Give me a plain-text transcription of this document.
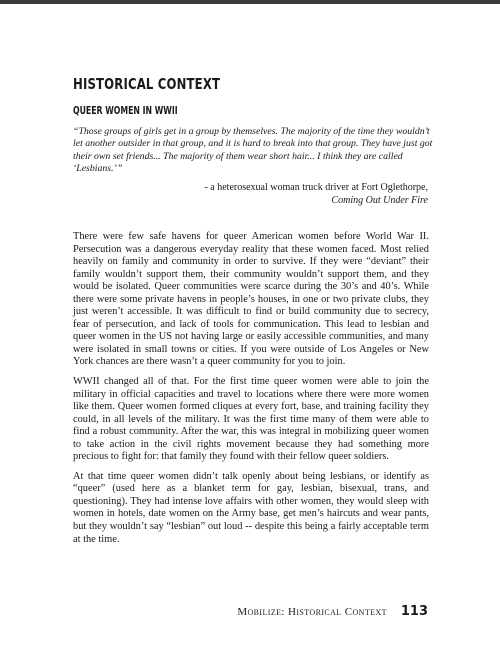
HISTORICAL CONTEXT
QUEER WOMEN IN WWII
“Those groups of girls get in a group by themselves. The majority of the time they wouldn’t let another outsider in that group, and it is hard to break into that group. They have just got their own set friends... The majority of them wear short hair... I think they are called ‘Lesbians.’”
- a heterosexual woman truck driver at Fort Oglethorpe,
Coming Out Under Fire

There were few safe havens for queer American women before World War II. Persecution was a dangerous everyday reality that these women faced. Most relied heavily on family and community in order to survive. If they were “deviant” their family wouldn’t support them, their community wouldn’t support them, and they would be isolated. Queer communities were scarce during the 30’s and 40’s. While there were some private havens in people’s houses, in one or two private clubs, they just weren’t accessible. It was difficult to find or build community due to secrecy, fear of persecution, and lack of tools for communication. This lead to lesbian and queer women in the US not having large or easily accessible communities, and many were isolated in small towns or cities. If you were outside of Los Angeles or New York chances are there wasn’t a queer community for you to join.

WWII changed all of that. For the first time queer women were able to join the military in official capacities and travel to locations where there were more women like them. Queer women formed cliques at every fort, base, and training facility they could, in all levels of the military. It was the first time many of them were able to find a robust community. After the war, this was integral in mobilizing queer women to take action in the civil rights movement because they had something more precious to fight for: that family they found with their fellow queer soldiers.

At that time queer women didn’t talk openly about being lesbians, or identify as “queer” (used here as a blanket term for gay, lesbian, bisexual, trans, and questioning). They had intense love affairs with other women, they would sleep with women in hotels, date women on the Army base, get men’s haircuts and wear pants, but they wouldn’t say “lesbian” out loud -- despite this being a fairly acceptable term at the time.

Mobilize: Historical Context 113
